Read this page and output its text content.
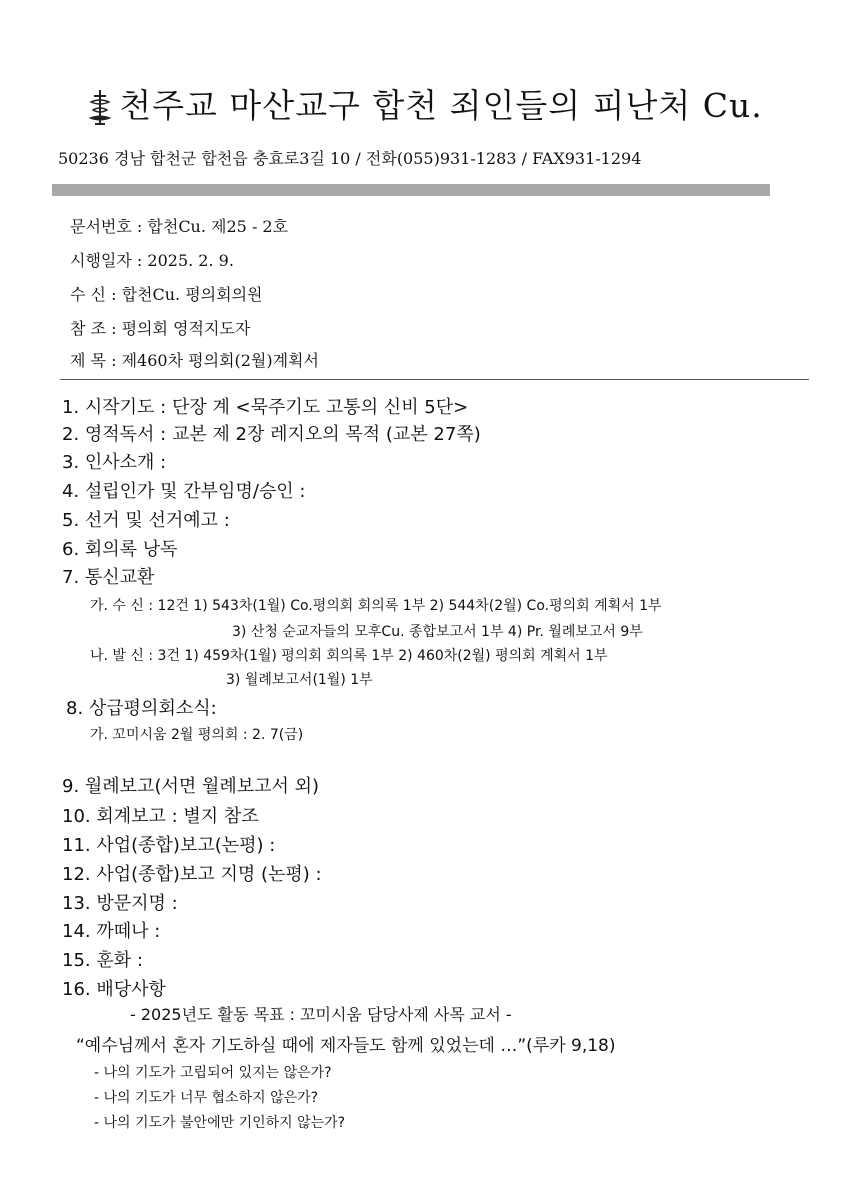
천주교 마산교구 합천 죄인들의 피난처 Cu.
50236 경남 합천군 합천읍 충효로3길 10 / 전화(055)931-1283 / FAX931-1294
문서번호 : 합천Cu. 제25 - 2호
시행일자 : 2025. 2. 9.
수 신 : 합천Cu. 평의회의원
참 조 : 평의회 영적지도자
제 목 : 제460차 평의회(2월)계획서
1. 시작기도 : 단장 계 <묵주기도 고통의 신비 5단>
2. 영적독서 : 교본 제 2장 레지오의 목적 (교본 27쪽)
3. 인사소개 :
4. 설립인가 및 간부임명/승인 :
5. 선거 및 선거예고 :
6. 회의록 낭독
7. 통신교환
가. 수 신 : 12건 1) 543차(1월) Co.평의회 회의록 1부 2) 544차(2월) Co.평의회 계획서 1부
3) 산청 순교자들의 모후Cu. 종합보고서 1부 4) Pr. 월례보고서 9부
나. 발 신 : 3건 1) 459차(1월) 평의회 회의록 1부 2) 460차(2월) 평의회 계획서 1부
3) 월례보고서(1월) 1부
8. 상급평의회소식:
가. 꼬미시움 2월 평의회 : 2. 7(금)
9. 월례보고(서면 월례보고서 외)
10. 회계보고 : 별지 참조
11. 사업(종합)보고(논평) :
12. 사업(종합)보고 지명 (논평) :
13. 방문지명 :
14. 까떼나 :
15. 훈화 :
16. 배당사항
- 2025년도 활동 목표 : 꼬미시움 담당사제 사목 교서 -
“예수님께서 혼자 기도하실 때에 제자들도 함께 있었는데 …”(루카 9,18)
- 나의 기도가 고립되어 있지는 않은가?
- 나의 기도가 너무 협소하지 않은가?
- 나의 기도가 불안에만 기인하지 않는가?
